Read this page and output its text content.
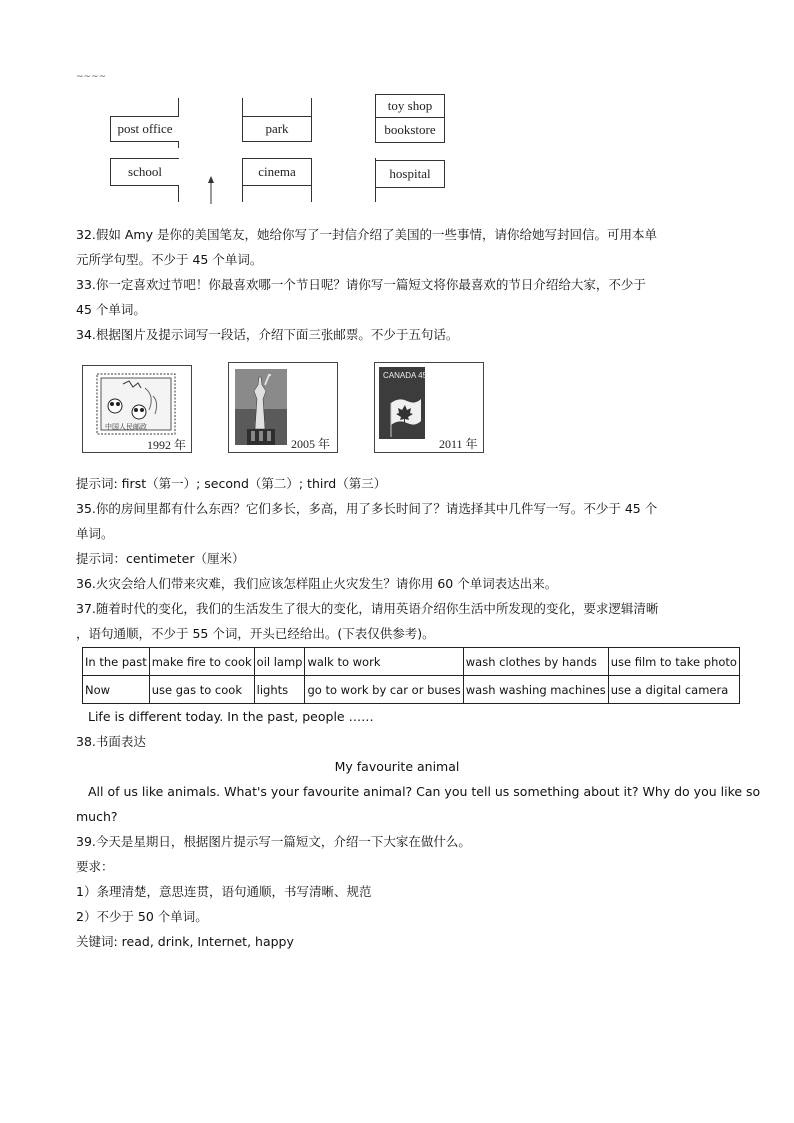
~~~~
post office	park
toy shop
bookstore
school	cinema	hospital
32.假如 Amy 是你的美国笔友，她给你写了一封信介绍了美国的一些事情，请你给她写封回信。可用本单
元所学句型。不少于 45 个单词。
33.你一定喜欢过节吧！你最喜欢哪一个节日呢？请你写一篇短文将你最喜欢的节日介绍给大家，不少于
45 个单词。
34.根据图片及提示词写一段话，介绍下面三张邮票。不少于五句话。
中国人民邮政
1992 年	2005 年
CANADA 45
2011 年
提示词: first（第一）; second（第二）; third（第三）
35.你的房间里都有什么东西？它们多长，多高，用了多长时间了？请选择其中几件写一写。不少于 45 个
单词。
提示词：centimeter（厘米）
36.火灾会给人们带来灾难，我们应该怎样阻止火灾发生？请你用 60 个单词表达出来。
37.随着时代的变化，我们的生活发生了很大的变化，请用英语介绍你生活中所发现的变化，要求逻辑清晰
，语句通顺，不少于 55 个词，开头已经给出。(下表仅供参考)。
In the past	make fire to cook	oil lamp	walk to work	wash clothes by hands	use film to take photo
Now	use gas to cook	lights	go to work by car or buses	wash washing machines	use a digital camera
Life is different today. In the past, people ……
38.书面表达
My favourite animal
All of us like animals. What's your favourite animal? Can you tell us something about it? Why do you like so
much?
39.今天是星期日，根据图片提示写一篇短文，介绍一下大家在做什么。
要求：
1）条理清楚，意思连贯，语句通顺，书写清晰、规范
2）不少于 50 个单词。
关键词: read, drink, Internet, happy
